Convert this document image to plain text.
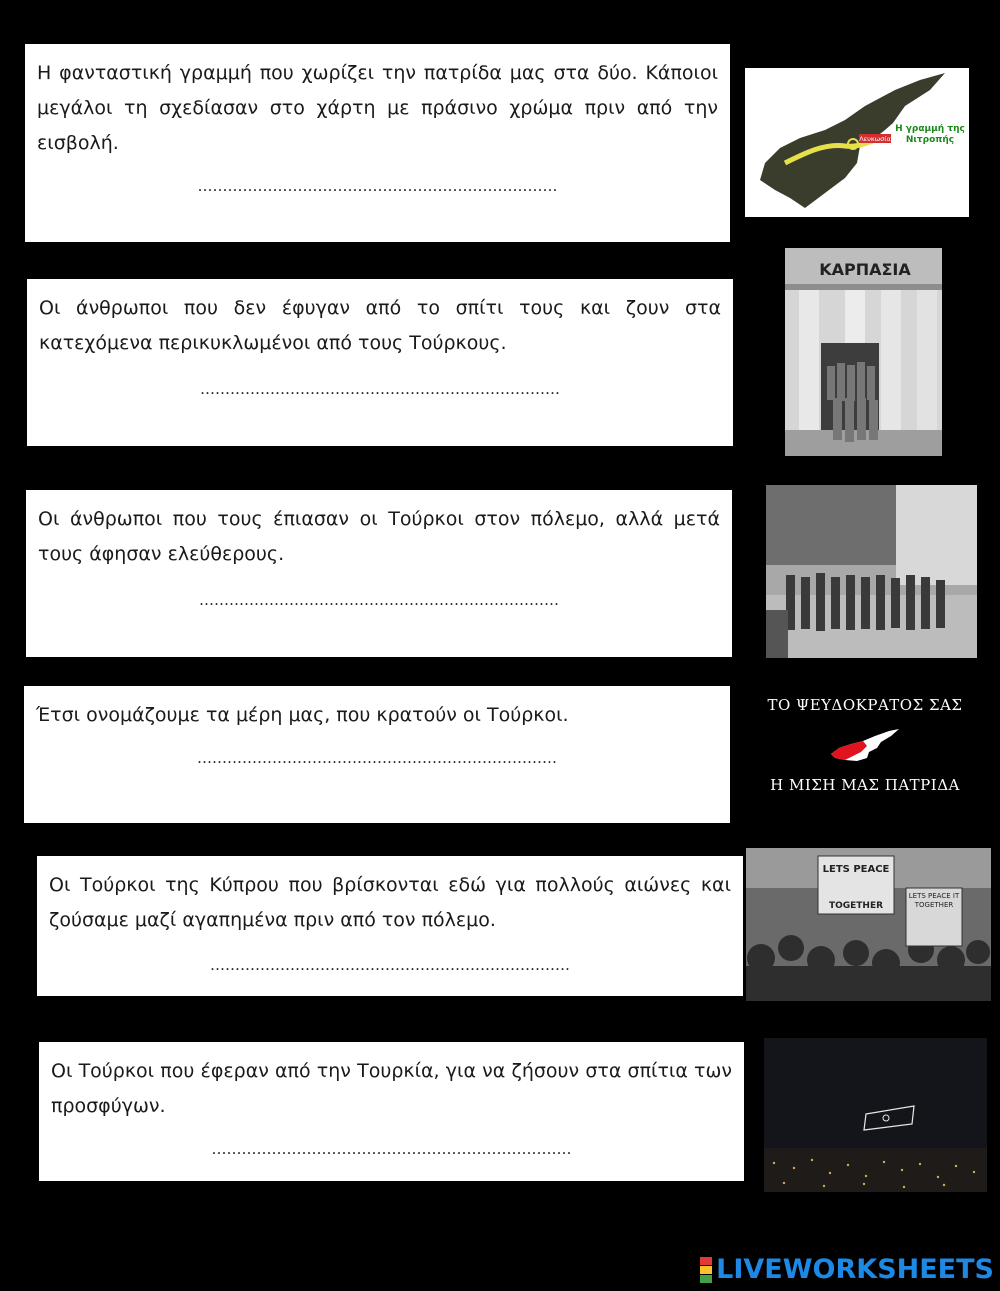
Η φανταστική γραμμή που χωρίζει την πατρίδα μας στα δύο. Κάποιοι μεγάλοι τη σχεδίασαν στο χάρτη με πράσινο χρώμα πριν από την εισβολή.

………………………………………………………………
Λευκωσία
Η γραμμή της Νιτροπής

Οι άνθρωποι που δεν έφυγαν από το σπίτι τους και ζουν στα κατεχόμενα περικυκλωμένοι από τους Τούρκους.

………………………………………………………………
ΚΑΡΠΑΣΙΑ

Οι άνθρωποι που τους έπιασαν οι Τούρκοι στον πόλεμο, αλλά μετά τους άφησαν ελεύθερους.

………………………………………………………………

Έτσι ονομάζουμε τα μέρη μας, που κρατούν οι Τούρκοι.

………………………………………………………………
ΤΟ ΨΕΥΔΟΚΡΑΤΟΣ ΣΑΣ
Η ΜΙΣΗ ΜΑΣ ΠΑΤΡΙΔΑ

Οι Τούρκοι της Κύπρου που βρίσκονται εδώ για πολλούς αιώνες και ζούσαμε μαζί αγαπημένα πριν από τον πόλεμο.

………………………………………………………………
LETS PEACE
TOGETHER
LETS PEACE IT TOGETHER

Οι Τούρκοι που έφεραν από την Τουρκία, για να ζήσουν στα σπίτια των προσφύγων.

………………………………………………………………
LIVEWORKSHEETS
